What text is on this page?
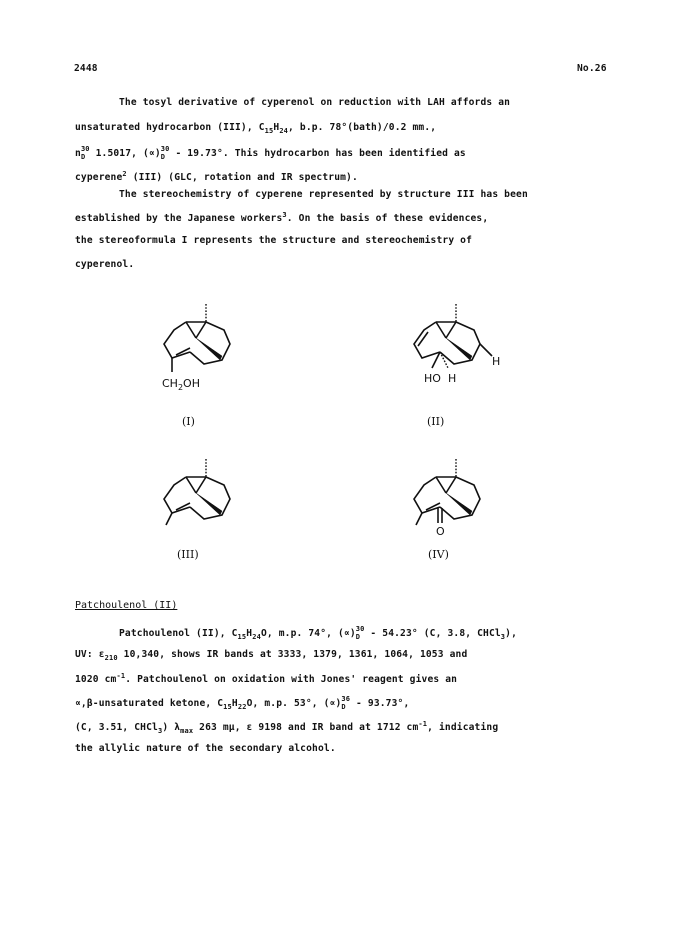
2448	No.26
The tosyl derivative of cyperenol on reduction with LAH affords an
unsaturated hydrocarbon (III), $C_{15}H_{24}$, b.p. 78°(bath)/0.2 mm.,
n 30
D 1.5017, (∝) 30
D - 19.73°. This hydrocarbon has been identified as
cyperene$^2$ (III) (GLC, rotation and IR spectrum).
The stereochemistry of cyperene represented by structure III has been
established by the Japanese workers$^3$. On the basis of these evidences,
the stereoformula I represents the structure and stereochemistry of
cyperenol.
$CH_2OH$
(I)
H
HO H
(II)
(III)
O
(IV)
Patchoulenol (II)
Patchoulenol (II), $C_{15}H_{24}O$, m.p. 74°, (∝) 30
D - 54.23° (C, 3.8, CHCl$_3$),
UV: $\varepsilon_{210}$ 10,340, shows IR bands at 3333, 1379, 1361, 1064, 1053 and
1020 $cm^{-1}$. Patchoulenol on oxidation with Jones' reagent gives an
∝,β-unsaturated ketone, $C_{15}H_{22}O$, m.p. 53°, (∝) 36
D - 93.73°,
(C, 3.51, CHCl$_3$) $\lambda_{max}$ 263 mμ, ε 9198 and IR band at 1712 $cm^{-1}$, indicating
the allylic nature of the secondary alcohol.
